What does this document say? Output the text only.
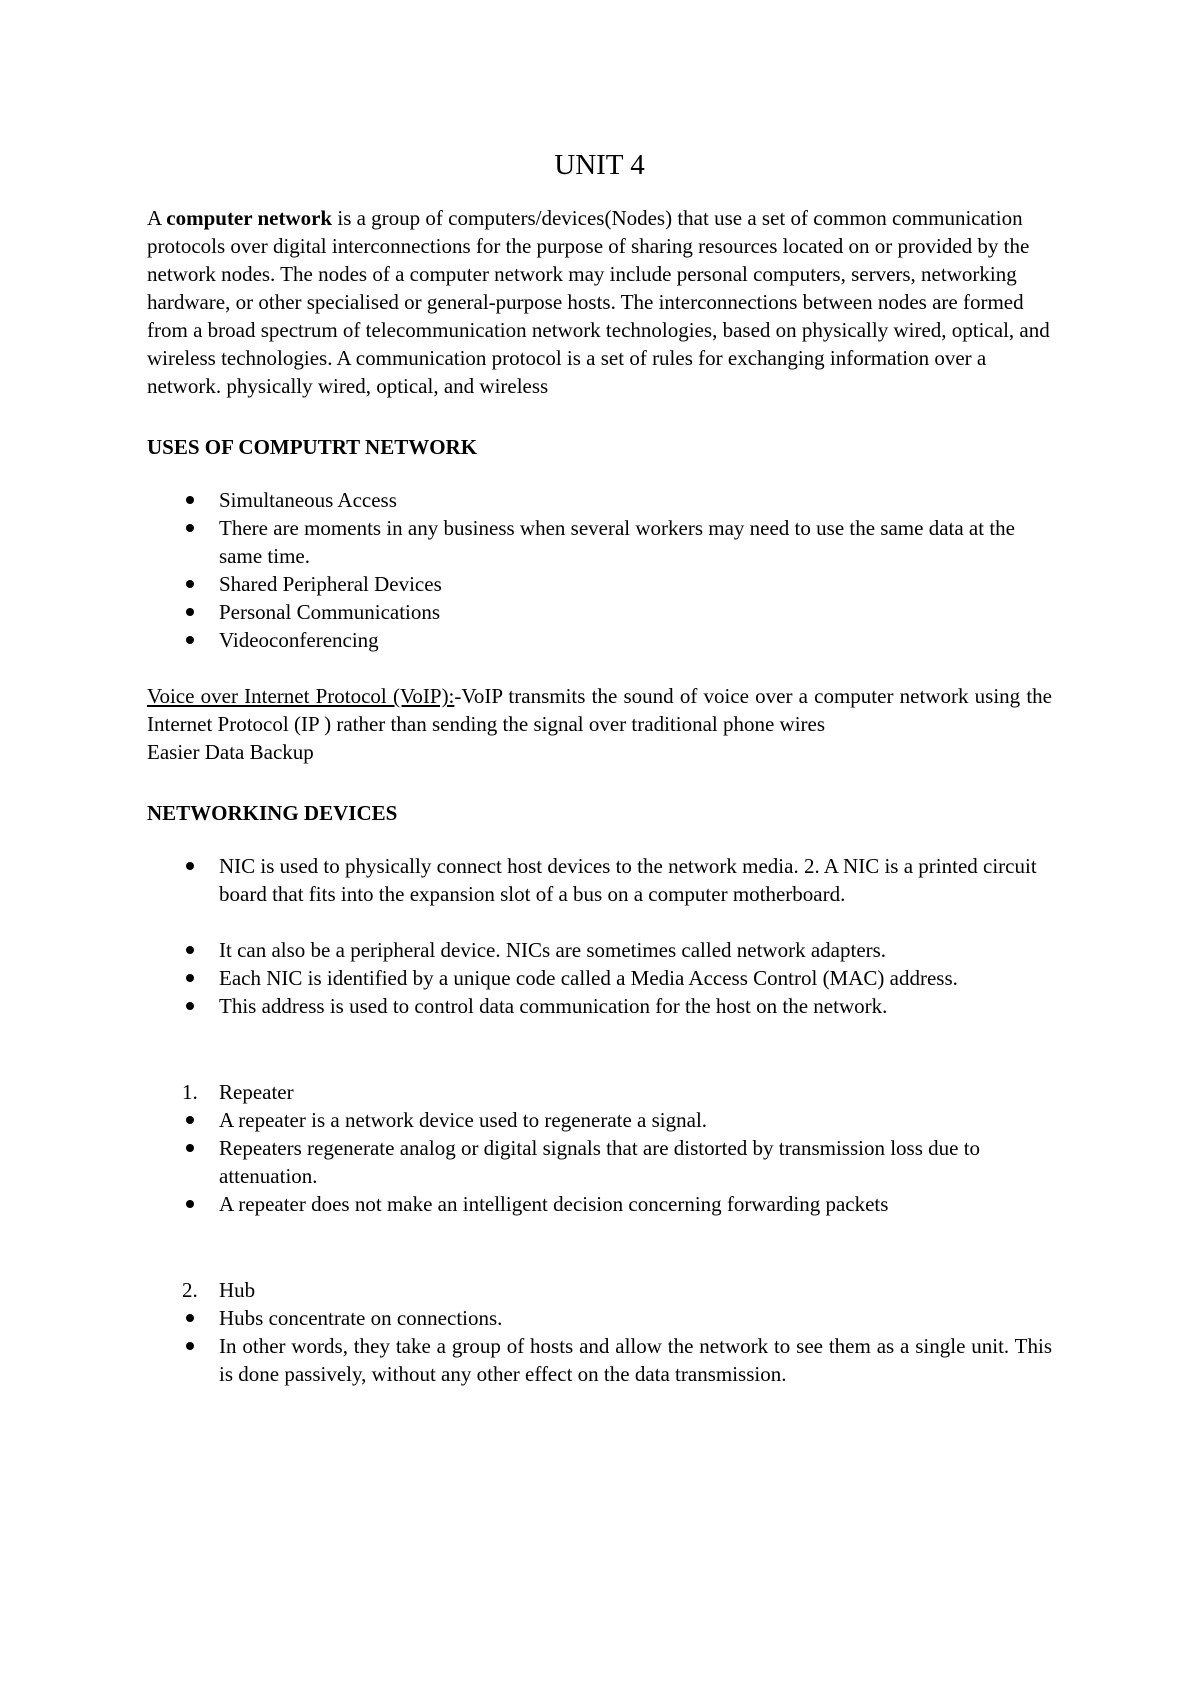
UNIT 4

A computer network is a group of computers/devices(Nodes) that use a set of common communication protocols over digital interconnections for the purpose of sharing resources located on or provided by the network nodes. The nodes of a computer network may include personal computers, servers, networking hardware, or other specialised or general-purpose hosts. The interconnections between nodes are formed from a broad spectrum of telecommunication network technologies, based on physically wired, optical, and wireless technologies. A communication protocol is a set of rules for exchanging information over a network. physically wired, optical, and wireless

USES OF COMPUTRT NETWORK

Simultaneous Access
There are moments in any business when several workers may need to use the same data at the same time.
Shared Peripheral Devices
Personal Communications
Videoconferencing

Voice over Internet Protocol (VoIP):-VoIP transmits the sound of voice over a computer network using the Internet Protocol (IP ) rather than sending the signal over traditional phone wires

Easier Data Backup

NETWORKING DEVICES

NIC is used to physically connect host devices to the network media. 2. A NIC is a printed circuit board that fits into the expansion slot of a bus on a computer motherboard.
It can also be a peripheral device. NICs are sometimes called network adapters.
Each NIC is identified by a unique code called a Media Access Control (MAC) address.
This address is used to control data communication for the host on the network.
1. Repeater
A repeater is a network device used to regenerate a signal.
Repeaters regenerate analog or digital signals that are distorted by transmission loss due to attenuation.
A repeater does not make an intelligent decision concerning forwarding packets
2. Hub
Hubs concentrate on connections.
In other words, they take a group of hosts and allow the network to see them as a single unit. This is done passively, without any other effect on the data transmission.
